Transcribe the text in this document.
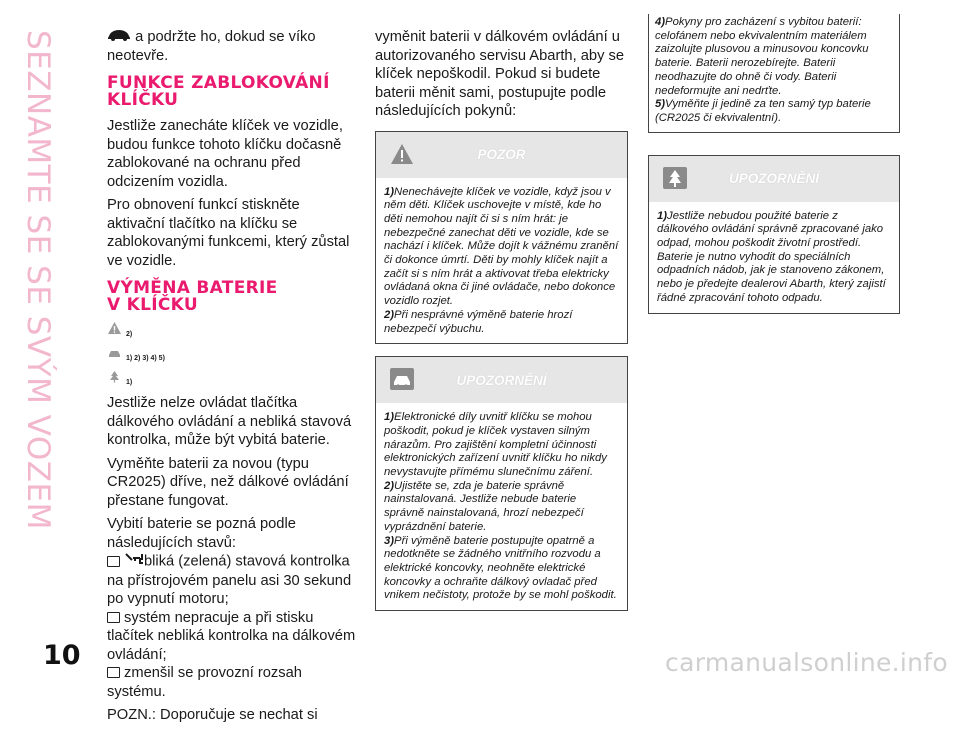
SEZNAMTE SE SE SVÝM VOZEM	a podržte ho, dokud se víko neotevře.

FUNKCE ZABLOKOVÁNÍ
KLÍČKU

Jestliže zanecháte klíček ve vozidle, budou funkce tohoto klíčku dočasně zablokované na ochranu před odcizením vozidla.

Pro obnovení funkcí stiskněte aktivační tlačítko na klíčku se zablokovanými funkcemi, který zůstal ve vozidle.

VÝMĚNA BATERIE
V KLÍČKU
2)
1) 2) 3) 4) 5)
1)

Jestliže nelze ovládat tlačítka dálkového ovládání a nebliká stavová kontrolka, může být vybitá baterie.

Vyměňte baterii za novou (typu CR2025) dříve, než dálkové ovládání přestane fungovat.

Vybití baterie se pozná podle následujících stavů:

bliká (zelená) stavová kontrolka na přístrojovém panelu asi 30 sekund po vypnutí motoru;

systém nepracuje a při stisku tlačítek nebliká kontrolka na dálkovém ovládání;

zmenšil se provozní rozsah systému.

POZN.: Doporučuje se nechat si

vyměnit baterii v dálkovém ovládání u autorizovaného servisu Abarth, aby se klíček nepoškodil. Pokud si budete baterii měnit sami, postupujte podle následujících pokynů:

POZOR

1)Nenechávejte klíček ve vozidle, když jsou v něm děti. Klíček uschovejte v místě, kde ho děti nemohou najít či si s ním hrát: je nebezpečné zanechat děti ve vozidle, kde se nachází i klíček. Může dojít k vážnému zranění či dokonce úmrtí. Děti by mohly klíček najít a začít si s ním hrát a aktivovat třeba elektricky ovládaná okna či jiné ovládače, nebo dokonce vozidlo rozjet.

2)Při nesprávné výměně baterie hrozí nebezpečí výbuchu.

UPOZORNĚNÍ

1)Elektronické díly uvnitř klíčku se mohou poškodit, pokud je klíček vystaven silným nárazům. Pro zajištění kompletní účinnosti elektronických zařízení uvnitř klíčku ho nikdy nevystavujte přímému slunečnímu záření.

2)Ujistěte se, zda je baterie správně nainstalovaná. Jestliže nebude baterie správně nainstalovaná, hrozí nebezpečí vyprázdnění baterie.

3)Při výměně baterie postupujte opatrně a nedotkněte se žádného vnitřního rozvodu a elektrické koncovky, neohněte elektrické koncovky a ochraňte dálkový ovladač před vnikem nečistoty, protože by se mohl poškodit.

4)Pokyny pro zacházení s vybitou baterií: celofánem nebo ekvivalentním materiálem zaizolujte plusovou a minusovou koncovku baterie. Baterii nerozebírejte. Baterii neodhazujte do ohně či vody. Baterii nedeformujte ani nedrťte.

5)Vyměňte ji jedině za ten samý typ baterie (CR2025 či ekvivalentní).

UPOZORNĚNÍ

1)Jestliže nebudou použité baterie z dálkového ovládání správně zpracované jako odpad, mohou poškodit životní prostředí. Baterie je nutno vyhodit do speciálních odpadních nádob, jak je stanoveno zákonem, nebo je předejte dealerovi Abarth, který zajistí řádné zpracování tohoto odpadu.

10	carmanualsonline.info
